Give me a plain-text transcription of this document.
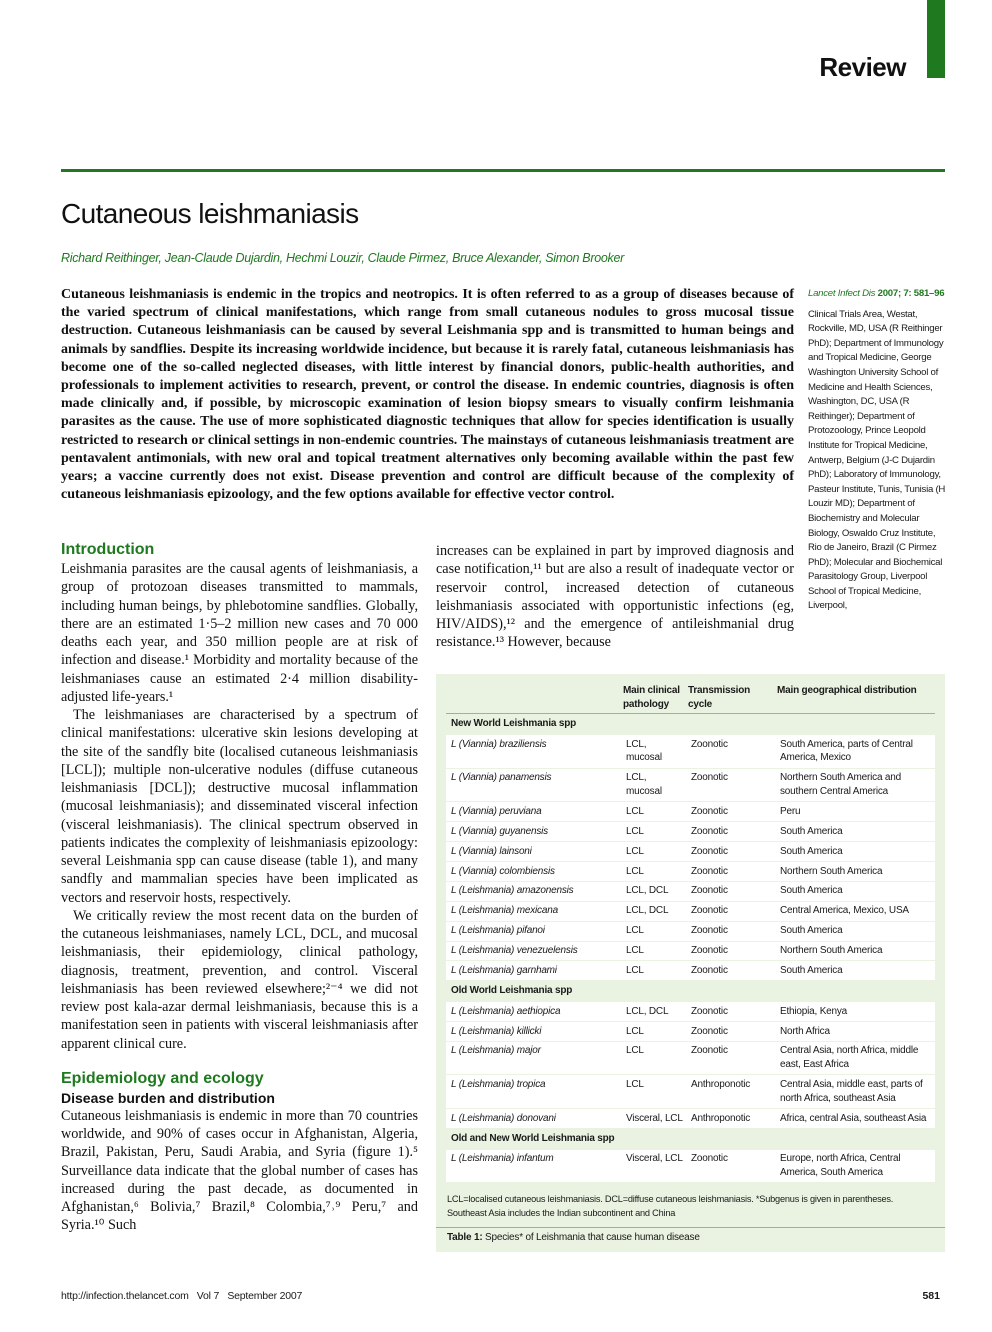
Review
Cutaneous leishmaniasis
Richard Reithinger, Jean-Claude Dujardin, Hechmi Louzir, Claude Pirmez, Bruce Alexander, Simon Brooker
Cutaneous leishmaniasis is endemic in the tropics and neotropics. It is often referred to as a group of diseases because of the varied spectrum of clinical manifestations, which range from small cutaneous nodules to gross mucosal tissue destruction. Cutaneous leishmaniasis can be caused by several Leishmania spp and is transmitted to human beings and animals by sandflies. Despite its increasing worldwide incidence, but because it is rarely fatal, cutaneous leishmaniasis has become one of the so-called neglected diseases, with little interest by financial donors, public-health authorities, and professionals to implement activities to research, prevent, or control the disease. In endemic countries, diagnosis is often made clinically and, if possible, by microscopic examination of lesion biopsy smears to visually confirm leishmania parasites as the cause. The use of more sophisticated diagnostic techniques that allow for species identification is usually restricted to research or clinical settings in non-endemic countries. The mainstays of cutaneous leishmaniasis treatment are pentavalent antimonials, with new oral and topical treatment alternatives only becoming available within the past few years; a vaccine currently does not exist. Disease prevention and control are difficult because of the complexity of cutaneous leishmaniasis epizoology, and the few options available for effective vector control.
Lancet Infect Dis 2007; 7: 581–96
Clinical Trials Area, Westat, Rockville, MD, USA (R Reithinger PhD); Department of Immunology and Tropical Medicine, George Washington University School of Medicine and Health Sciences, Washington, DC, USA (R Reithinger); Department of Protozoology, Prince Leopold Institute for Tropical Medicine, Antwerp, Belgium (J-C Dujardin PhD); Laboratory of Immunology, Pasteur Institute, Tunis, Tunisia (H Louzir MD); Department of Biochemistry and Molecular Biology, Oswaldo Cruz Institute, Rio de Janeiro, Brazil (C Pirmez PhD); Molecular and Biochemical Parasitology Group, Liverpool School of Tropical Medicine, Liverpool,
Introduction

Leishmania parasites are the causal agents of leishmaniasis, a group of protozoan diseases transmitted to mammals, including human beings, by phlebotomine sandflies. Globally, there are an estimated 1·5–2 million new cases and 70 000 deaths each year, and 350 million people are at risk of infection and disease.¹ Morbidity and mortality because of the leishmaniases cause an estimated 2·4 million disability-adjusted life-years.¹

The leishmaniases are characterised by a spectrum of clinical manifestations: ulcerative skin lesions developing at the site of the sandfly bite (localised cutaneous leishmaniasis [LCL]); multiple non-ulcerative nodules (diffuse cutaneous leishmaniasis [DCL]); destructive mucosal inflammation (mucosal leishmaniasis); and disseminated visceral infection (visceral leishmaniasis). The clinical spectrum observed in patients indicates the complexity of leishmaniasis epizoology: several Leishmania spp can cause disease (table 1), and many sandfly and mammalian species have been implicated as vectors and reservoir hosts, respectively.

We critically review the most recent data on the burden of the cutaneous leishmaniases, namely LCL, DCL, and mucosal leishmaniasis, their epidemiology, clinical pathology, diagnosis, treatment, prevention, and control. Visceral leishmaniasis has been reviewed elsewhere;²⁻⁴ we did not review post kala-azar dermal leishmaniasis, because this is a manifestation seen in patients with visceral leishmaniasis after apparent clinical cure.

Epidemiology and ecology
Disease burden and distribution

Cutaneous leishmaniasis is endemic in more than 70 countries worldwide, and 90% of cases occur in Afghanistan, Algeria, Brazil, Pakistan, Peru, Saudi Arabia, and Syria (figure 1).⁵ Surveillance data indicate that the global number of cases has increased during the past decade, as documented in Afghanistan,⁶ Bolivia,⁷ Brazil,⁸ Colombia,⁷˒⁹ Peru,⁷ and Syria.¹⁰ Such

increases can be explained in part by improved diagnosis and case notification,¹¹ but are also a result of inadequate vector or reservoir control, increased detection of cutaneous leishmaniasis associated with opportunistic infections (eg, HIV/AIDS),¹² and the emergence of antileishmanial drug resistance.¹³ However, because

	Main clinical pathology	Transmission cycle	Main geographical distribution
New World Leishmania spp			
L (Viannia) braziliensis	LCL, mucosal	Zoonotic	South America, parts of Central America, Mexico
L (Viannia) panamensis	LCL, mucosal	Zoonotic	Northern South America and southern Central America
L (Viannia) peruviana	LCL	Zoonotic	Peru
L (Viannia) guyanensis	LCL	Zoonotic	South America
L (Viannia) lainsoni	LCL	Zoonotic	South America
L (Viannia) colombiensis	LCL	Zoonotic	Northern South America
L (Leishmania) amazonensis	LCL, DCL	Zoonotic	South America
L (Leishmania) mexicana	LCL, DCL	Zoonotic	Central America, Mexico, USA
L (Leishmania) pifanoi	LCL	Zoonotic	South America
L (Leishmania) venezuelensis	LCL	Zoonotic	Northern South America
L (Leishmania) garnhami	LCL	Zoonotic	South America
Old World Leishmania spp			
L (Leishmania) aethiopica	LCL, DCL	Zoonotic	Ethiopia, Kenya
L (Leishmania) killicki	LCL	Zoonotic	North Africa
L (Leishmania) major	LCL	Zoonotic	Central Asia, north Africa, middle east, East Africa
L (Leishmania) tropica	LCL	Anthroponotic	Central Asia, middle east, parts of north Africa, southeast Asia
L (Leishmania) donovani	Visceral, LCL	Anthroponotic	Africa, central Asia, southeast Asia
Old and New World Leishmania spp			
L (Leishmania) infantum	Visceral, LCL	Zoonotic	Europe, north Africa, Central America, South America
LCL=localised cutaneous leishmaniasis. DCL=diffuse cutaneous leishmaniasis. *Subgenus is given in parentheses. Southeast Asia includes the Indian subcontinent and China
Table 1: Species* of Leishmania that cause human disease
http://infection.thelancet.com   Vol 7   September 2007	581
